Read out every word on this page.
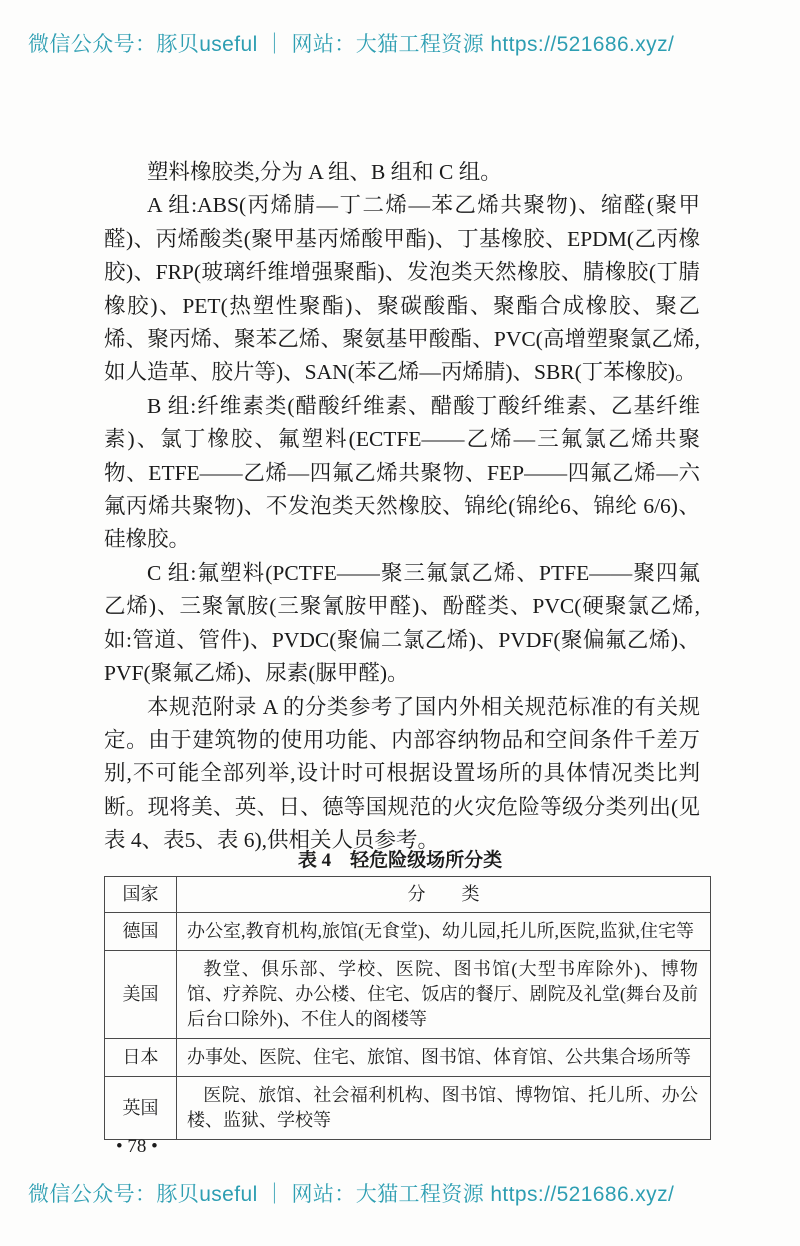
微信公众号：豚贝useful ｜ 网站：大猫工程资源 https://521686.xyz/

塑料橡胶类,分为 A 组、B 组和 C 组。

A 组:ABS(丙烯腈—丁二烯—苯乙烯共聚物)、缩醛(聚甲醛)、丙烯酸类(聚甲基丙烯酸甲酯)、丁基橡胶、EPDM(乙丙橡胶)、FRP(玻璃纤维增强聚酯)、发泡类天然橡胶、腈橡胶(丁腈橡胶)、PET(热塑性聚酯)、聚碳酸酯、聚酯合成橡胶、聚乙烯、聚丙烯、聚苯乙烯、聚氨基甲酸酯、PVC(高增塑聚氯乙烯,如人造革、胶片等)、SAN(苯乙烯—丙烯腈)、SBR(丁苯橡胶)。

B 组:纤维素类(醋酸纤维素、醋酸丁酸纤维素、乙基纤维素)、氯丁橡胶、氟塑料(ECTFE——乙烯—三氟氯乙烯共聚物、ETFE——乙烯—四氟乙烯共聚物、FEP——四氟乙烯—六氟丙烯共聚物)、不发泡类天然橡胶、锦纶(锦纶6、锦纶 6/6)、硅橡胶。

C 组:氟塑料(PCTFE——聚三氟氯乙烯、PTFE——聚四氟乙烯)、三聚氰胺(三聚氰胺甲醛)、酚醛类、PVC(硬聚氯乙烯,如:管道、管件)、PVDC(聚偏二氯乙烯)、PVDF(聚偏氟乙烯)、PVF(聚氟乙烯)、尿素(脲甲醛)。

本规范附录 A 的分类参考了国内外相关规范标准的有关规定。由于建筑物的使用功能、内部容纳物品和空间条件千差万别,不可能全部列举,设计时可根据设置场所的具体情况类比判断。现将美、英、日、德等国规范的火灾危险等级分类列出(见表 4、表5、表 6),供相关人员参考。

表 4　轻危险级场所分类
国家	分　　类
德国	办公室,教育机构,旅馆(无食堂)、幼儿园,托儿所,医院,监狱,住宅等
美国	教堂、俱乐部、学校、医院、图书馆(大型书库除外)、博物馆、疗养院、办公楼、住宅、饭店的餐厅、剧院及礼堂(舞台及前后台口除外)、不住人的阁楼等
日本	办事处、医院、住宅、旅馆、图书馆、体育馆、公共集合场所等
英国	医院、旅馆、社会福利机构、图书馆、博物馆、托儿所、办公楼、监狱、学校等
• 78 •
微信公众号：豚贝useful ｜ 网站：大猫工程资源 https://521686.xyz/
